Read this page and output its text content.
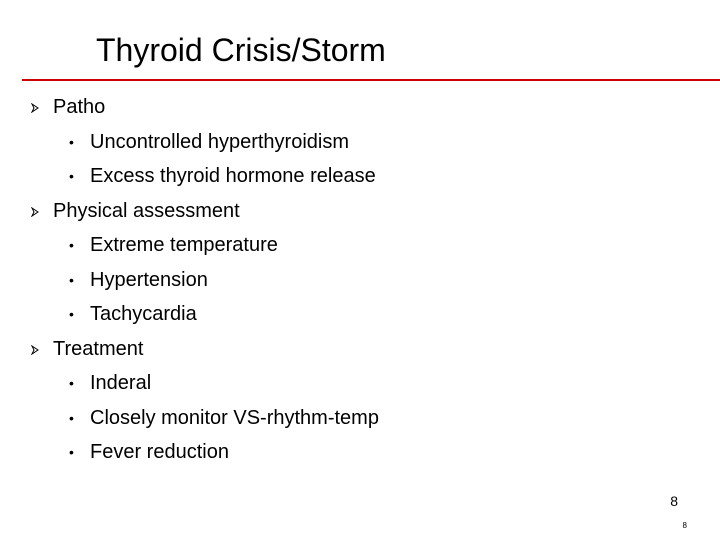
Thyroid Crisis/Storm
Patho
• Uncontrolled hyperthyroidism
• Excess thyroid hormone release
Physical assessment
• Extreme temperature
• Hypertension
• Tachycardia
Treatment
• Inderal
• Closely monitor VS-rhythm-temp
• Fever reduction
8
8
